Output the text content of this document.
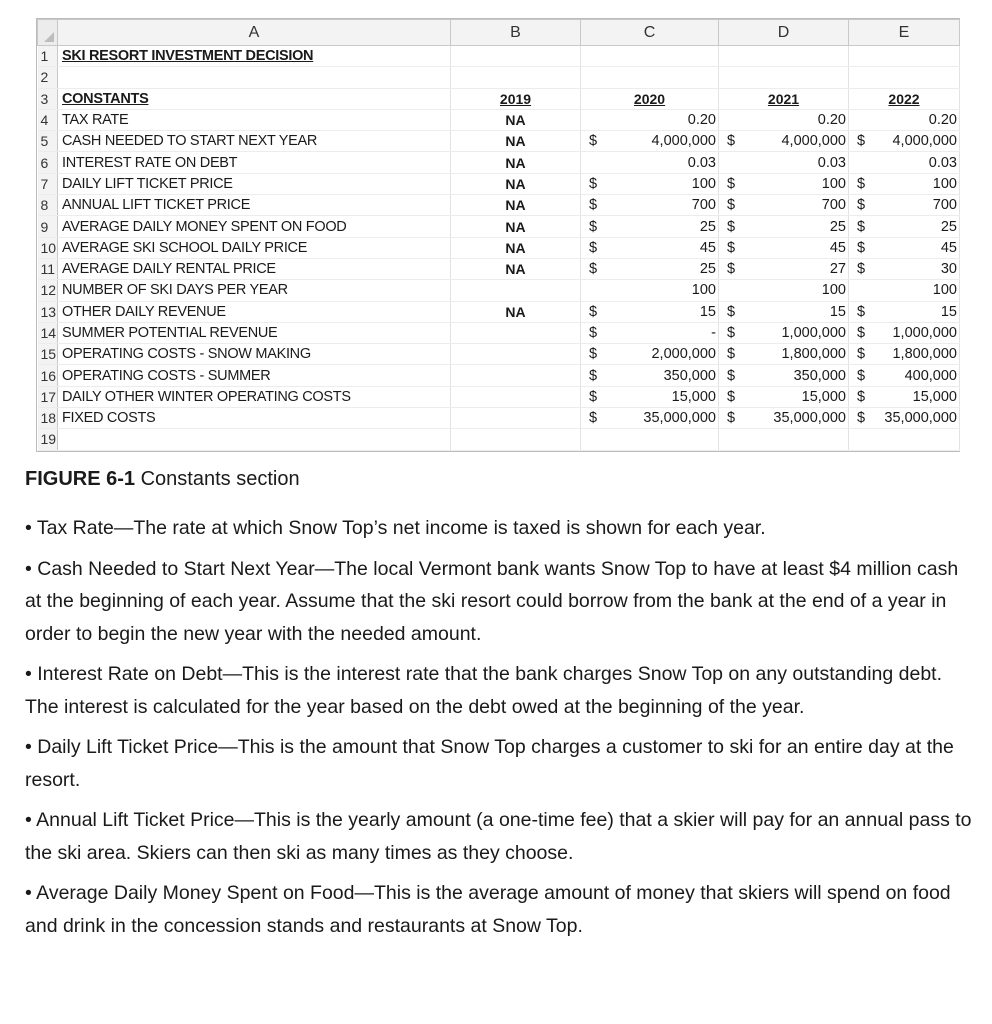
	A	B	C	D	E
1	SKI RESORT INVESTMENT DECISION				
2					
3	CONSTANTS	2019	2020	2021	2022
4	TAX RATE	NA	0.20	0.20	0.20

5	CASH NEEDED TO START NEXT YEAR	NA	$ 4,000,000	$ 4,000,000	$ 4,000,000

6	INTEREST RATE ON DEBT	NA	0.03	0.03	0.03

7	DAILY LIFT TICKET PRICE	NA	$ 100	$ 100	$ 100

8	ANNUAL LIFT TICKET PRICE	NA	$ 700	$ 700	$ 700

9	AVERAGE DAILY MONEY SPENT ON FOOD	NA	$ 25	$ 25	$ 25

10	AVERAGE SKI SCHOOL DAILY PRICE	NA	$ 45	$ 45	$ 45

11	AVERAGE DAILY RENTAL PRICE	NA	$ 25	$ 27	$ 30

12	NUMBER OF SKI DAYS PER YEAR		100	100	100

13	OTHER DAILY REVENUE	NA	$ 15	$ 15	$ 15

14	SUMMER POTENTIAL REVENUE		$ -	$ 1,000,000	$ 1,000,000

15	OPERATING COSTS - SNOW MAKING		$ 2,000,000	$ 1,800,000	$ 1,800,000

16	OPERATING COSTS - SUMMER		$ 350,000	$ 350,000	$ 400,000

17	DAILY OTHER WINTER OPERATING COSTS		$ 15,000	$ 15,000	$ 15,000

18	FIXED COSTS		$ 35,000,000	$ 35,000,000	$ 35,000,000

19					
FIGURE 6-1 Constants section

• Tax Rate—The rate at which Snow Top’s net income is taxed is shown for each year.

• Cash Needed to Start Next Year—The local Vermont bank wants Snow Top to have at least $4 million cash at the beginning of each year. Assume that the ski resort could borrow from the bank at the end of a year in order to begin the new year with the needed amount.

• Interest Rate on Debt—This is the interest rate that the bank charges Snow Top on any outstanding debt. The interest is calculated for the year based on the debt owed at the beginning of the year.

• Daily Lift Ticket Price—This is the amount that Snow Top charges a customer to ski for an entire day at the resort.

• Annual Lift Ticket Price—This is the yearly amount (a one-time fee) that a skier will pay for an annual pass to the ski area. Skiers can then ski as many times as they choose.

• Average Daily Money Spent on Food—This is the average amount of money that skiers will spend on food and drink in the concession stands and restaurants at Snow Top.
